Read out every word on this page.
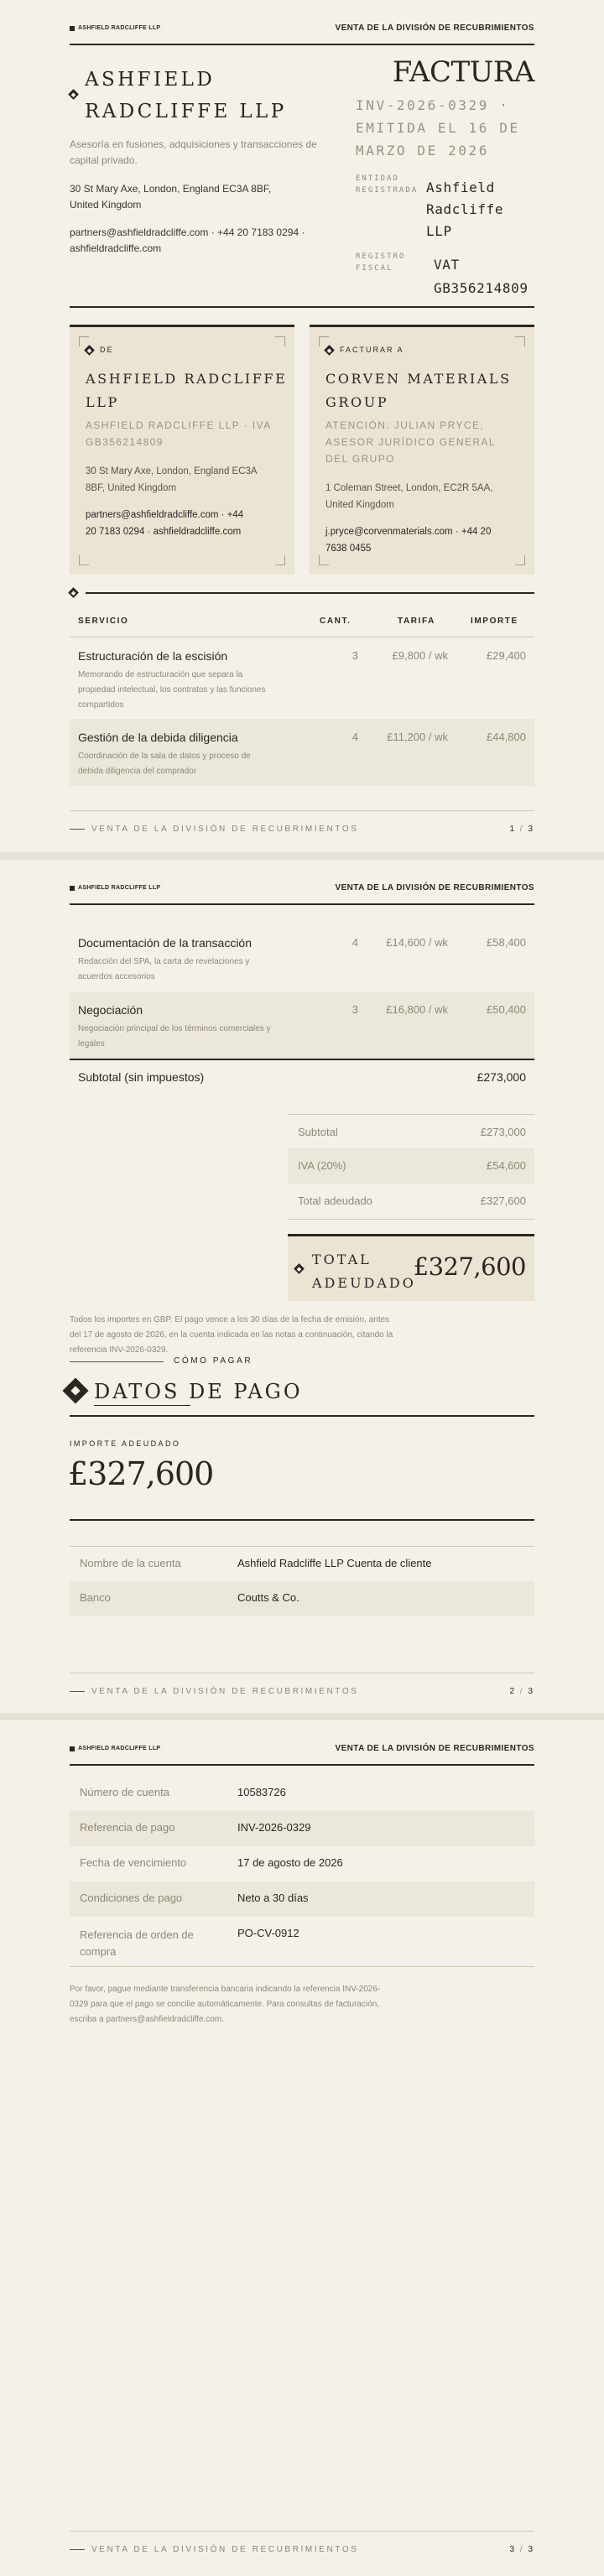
ASHFIELD RADCLIFFE LLP	VENTA DE LA DIVISIÓN DE RECUBRIMIENTOS
ASHFIELD
RADCLIFFE LLP
Asesoría en fusiones, adquisiciones y transacciones de capital privado.
30 St Mary Axe, London, England EC3A 8BF, United Kingdom
partners@ashfieldradcliffe.com · +44 20 7183 0294 · ashfieldradcliffe.com
FACTURA
INV-2026-0329 ·
EMITIDA EL 16 DE
MARZO DE 2026
ENTIDAD
REGISTRADA Ashfield
Radcliffe
LLP
REGISTRO
FISCAL	VAT
GB356214809
DE
ASHFIELD RADCLIFFE
LLP
ASHFIELD RADCLIFFE LLP · IVA
GB356214809
30 St Mary Axe, London, England EC3A
8BF, United Kingdom
partners@ashfieldradcliffe.com · +44
20 7183 0294 · ashfieldradcliffe.com
FACTURAR A
CORVEN MATERIALS
GROUP
ATENCIÓN: JULIAN PRYCE,
ASESOR JURÍDICO GENERAL
DEL GRUPO
1 Coleman Street, London, EC2R 5AA,
United Kingdom
j.pryce@corvenmaterials.com · +44 20
7638 0455
SERVICIO	CANT.	TARIFA	IMPORTE
Estructuración de la escisión
Memorando de estructuración que separa la
propiedad intelectual, los contratos y las funciones
compartidos
3	£9,800 / wk	£29,400
Gestión de la debida diligencia
Coordinación de la sala de datos y proceso de
debida diligencia del comprador
4	£11,200 / wk	£44,800
VENTA DE LA DIVISIÓN DE RECUBRIMIENTOS	1 / 3
ASHFIELD RADCLIFFE LLP	VENTA DE LA DIVISIÓN DE RECUBRIMIENTOS
Documentación de la transacción
Redacción del SPA, la carta de revelaciones y
acuerdos accesorios
4	£14,600 / wk	£58,400
Negociación
Negociación principal de los términos comerciales y
legales
3	£16,800 / wk	£50,400
Subtotal (sin impuestos)	£273,000
Subtotal	£273,000
IVA (20%)	£54,600
Total adeudado	£327,600
TOTAL
ADEUDADO
£327,600
Todos los importes en GBP. El pago vence a los 30 días de la fecha de emisión, antes del 17 de agosto de 2026, en la cuenta indicada en las notas a continuación, citando la referencia INV-2026-0329.
CÓMO PAGAR
DATOS DE PAGO
IMPORTE ADEUDADO
£327,600
Nombre de la cuenta	Ashfield Radcliffe LLP Cuenta de cliente
Banco	Coutts & Co.
VENTA DE LA DIVISIÓN DE RECUBRIMIENTOS	2 / 3
ASHFIELD RADCLIFFE LLP	VENTA DE LA DIVISIÓN DE RECUBRIMIENTOS
Número de cuenta	10583726
Referencia de pago	INV-2026-0329
Fecha de vencimiento	17 de agosto de 2026
Condiciones de pago	Neto a 30 días
Referencia de orden de
compra
PO-CV-0912
Por favor, pague mediante transferencia bancaria indicando la referencia INV-2026-0329 para que el pago se concilie automáticamente. Para consultas de facturación, escriba a partners@ashfieldradcliffe.com.
VENTA DE LA DIVISIÓN DE RECUBRIMIENTOS	3 / 3
